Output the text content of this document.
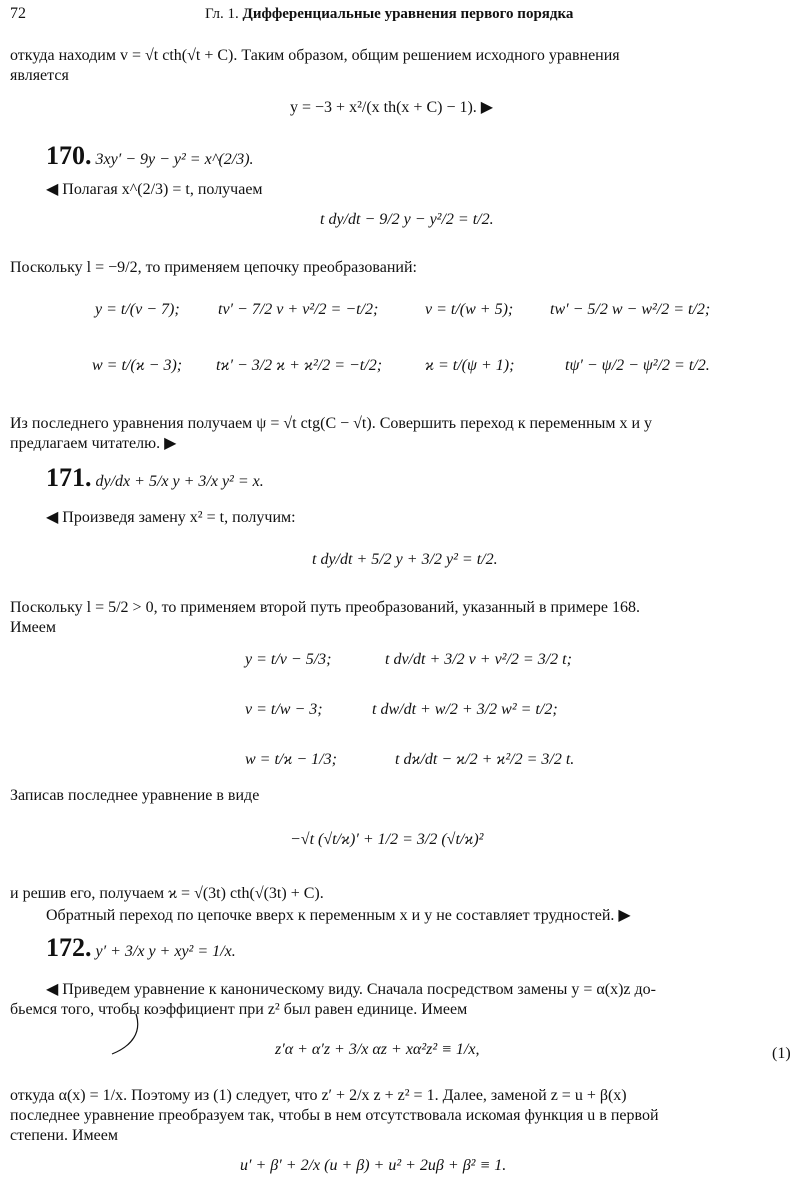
72	Гл. 1. Дифференциальные уравнения первого порядка
откуда находим v = √t cth(√t + C). Таким образом, общим решением исходного уравнения
является
y = −3 + x²/(x th(x + C) − 1). ▶
170. 3xy′ − 9y − y² = x^(2/3).
◀ Полагая x^(2/3) = t, получаем
t dy/dt − 9/2 y − y²/2 = t/2.
Поскольку l = −9/2, то применяем цепочку преобразований:
y = t/(v − 7); tv′ − 7/2 v + v²/2 = −t/2;	v = t/(w + 5); tw′ − 5/2 w − w²/2 = t/2;
w = t/(ϰ − 3); tϰ′ − 3/2 ϰ + ϰ²/2 = −t/2;	ϰ = t/(ψ + 1);	tψ′ − ψ/2 − ψ²/2 = t/2.
Из последнего уравнения получаем ψ = √t ctg(C − √t). Совершить переход к переменным x и y
предлагаем читателю. ▶
171. dy/dx + 5/x y + 3/x y² = x.
◀ Произведя замену x² = t, получим:
t dy/dt + 5/2 y + 3/2 y² = t/2.
Поскольку l = 5/2 > 0, то применяем второй путь преобразований, указанный в примере 168.
Имеем
y = t/v − 5/3;	t dv/dt + 3/2 v + v²/2 = 3/2 t;
v = t/w − 3;	t dw/dt + w/2 + 3/2 w² = t/2;
w = t/ϰ − 1/3;	t dϰ/dt − ϰ/2 + ϰ²/2 = 3/2 t.
Записав последнее уравнение в виде
−√t (√t/ϰ)′ + 1/2 = 3/2 (√t/ϰ)²
и решив его, получаем ϰ = √(3t) cth(√(3t) + C).
Обратный переход по цепочке вверх к переменным x и y не составляет трудностей. ▶
172. y′ + 3/x y + xy² = 1/x.
◀ Приведем уравнение к каноническому виду. Сначала посредством замены y = α(x)z до-
бьемся того, чтобы коэффициент при z² был равен единице. Имеем
z′α + α′z + 3/x αz + xα²z² ≡ 1/x,	(1)
откуда α(x) = 1/x. Поэтому из (1) следует, что z′ + 2/x z + z² = 1. Далее, заменой z = u + β(x)
последнее уравнение преобразуем так, чтобы в нем отсутствовала искомая функция u в первой
степени. Имеем
u′ + β′ + 2/x (u + β) + u² + 2uβ + β² ≡ 1.
